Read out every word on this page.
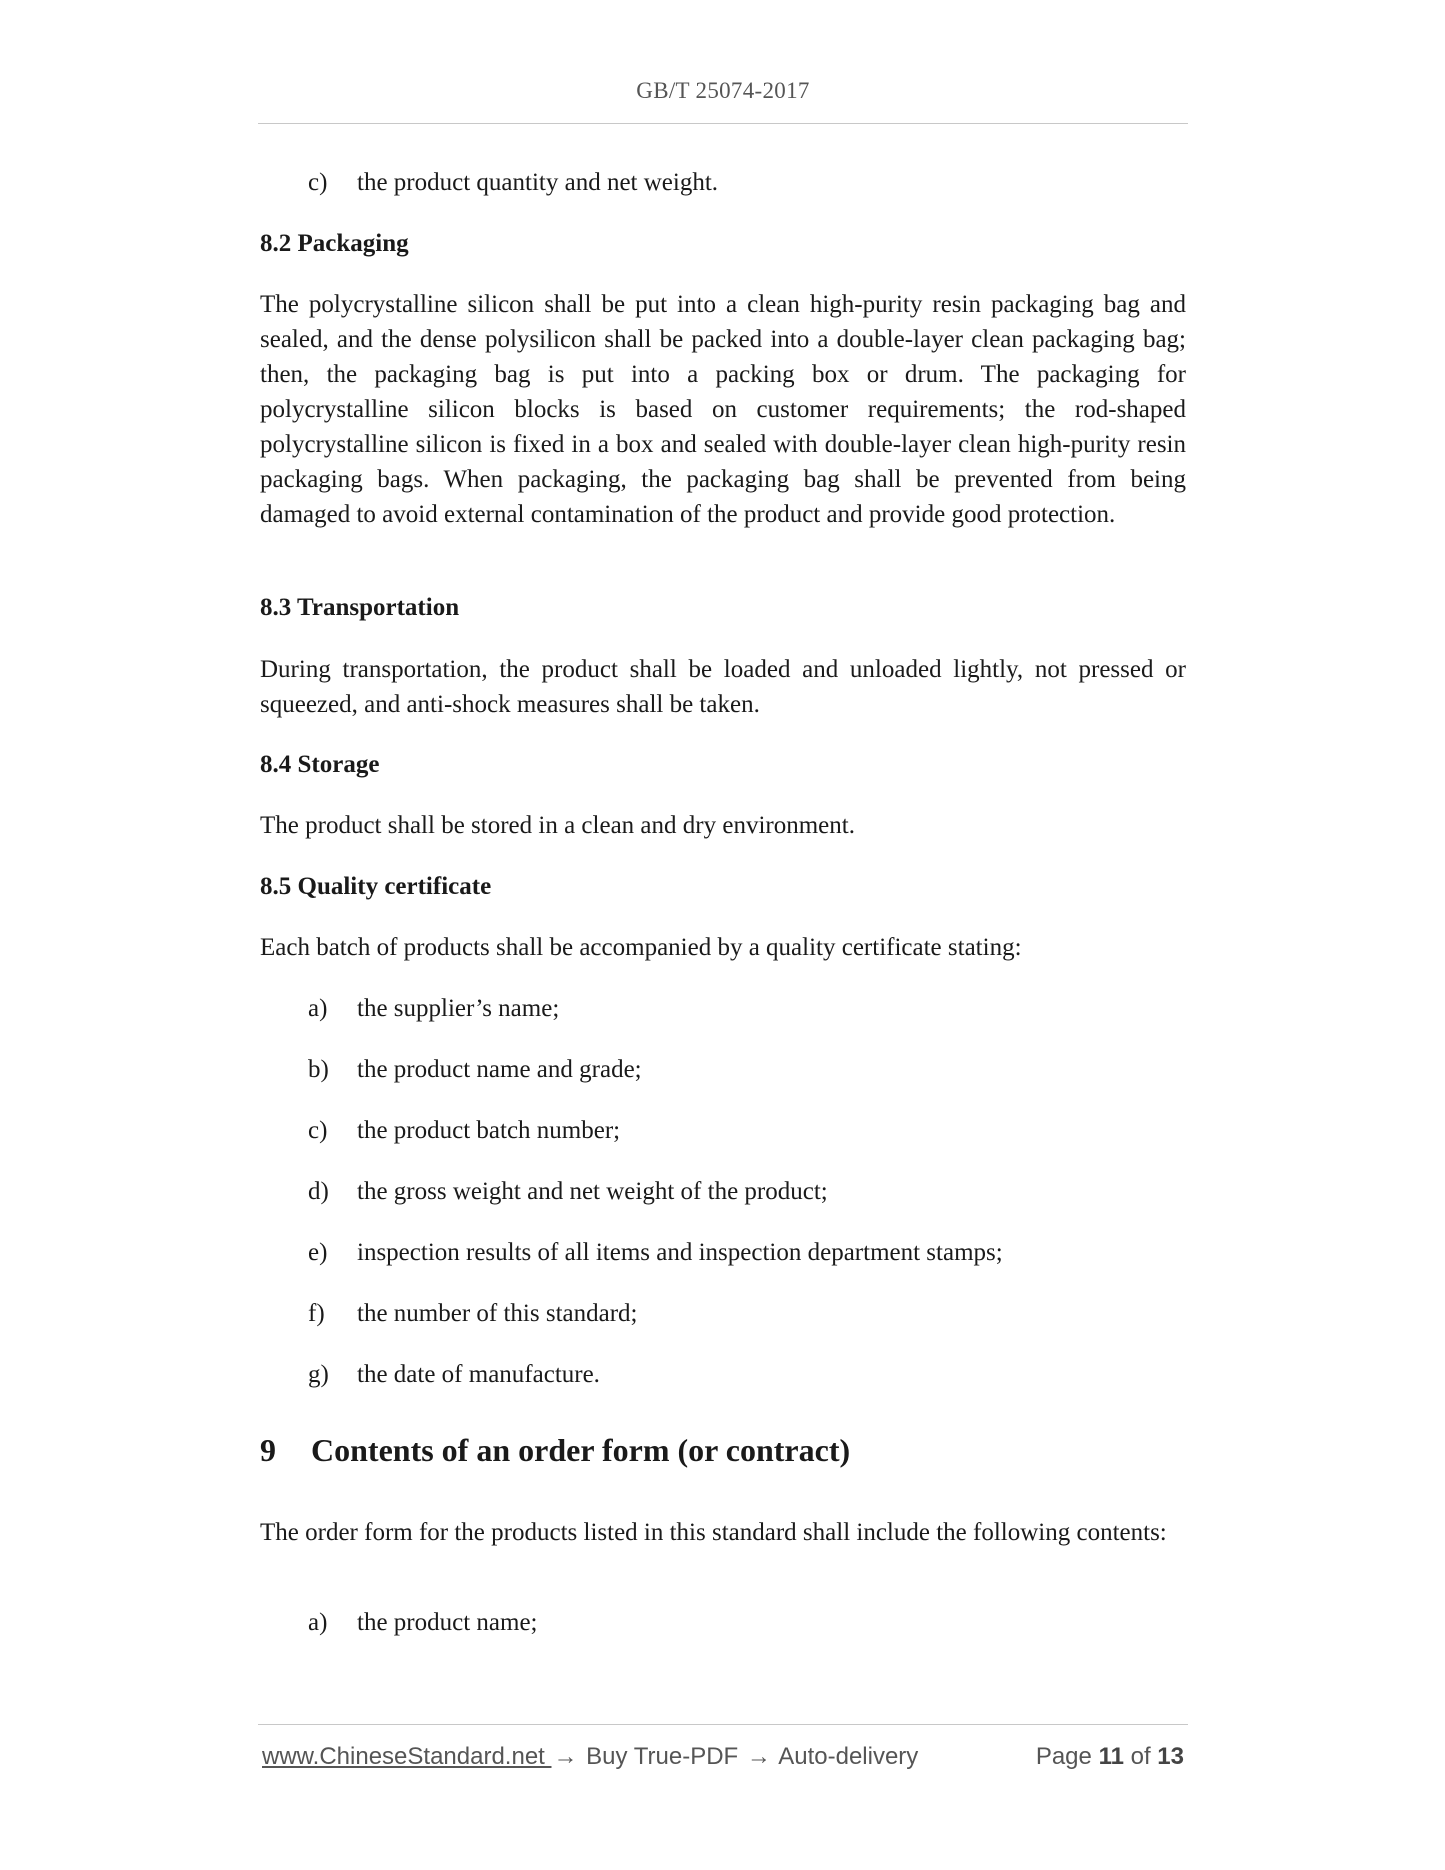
GB/T 25074-2017
c) the product quantity and net weight.
8.2 Packaging
The polycrystalline silicon shall be put into a clean high-purity resin packaging bag and sealed, and the dense polysilicon shall be packed into a double-layer clean packaging bag; then, the packaging bag is put into a packing box or drum. The packaging for polycrystalline silicon blocks is based on customer requirements; the rod-shaped polycrystalline silicon is fixed in a box and sealed with double-layer clean high-purity resin packaging bags. When packaging, the packaging bag shall be prevented from being damaged to avoid external contamination of the product and provide good protection.
8.3 Transportation
During transportation, the product shall be loaded and unloaded lightly, not pressed or squeezed, and anti-shock measures shall be taken.
8.4 Storage
The product shall be stored in a clean and dry environment.
8.5 Quality certificate
Each batch of products shall be accompanied by a quality certificate stating:
a) the supplier’s name;
b) the product name and grade;
c) the product batch number;
d) the gross weight and net weight of the product;
e) inspection results of all items and inspection department stamps;
f) the number of this standard;
g) the date of manufacture.
9 Contents of an order form (or contract)
The order form for the products listed in this standard shall include the following contents:
a) the product name;
www.ChineseStandard.net → Buy True-PDF → Auto-delivery	Page 11 of 13
